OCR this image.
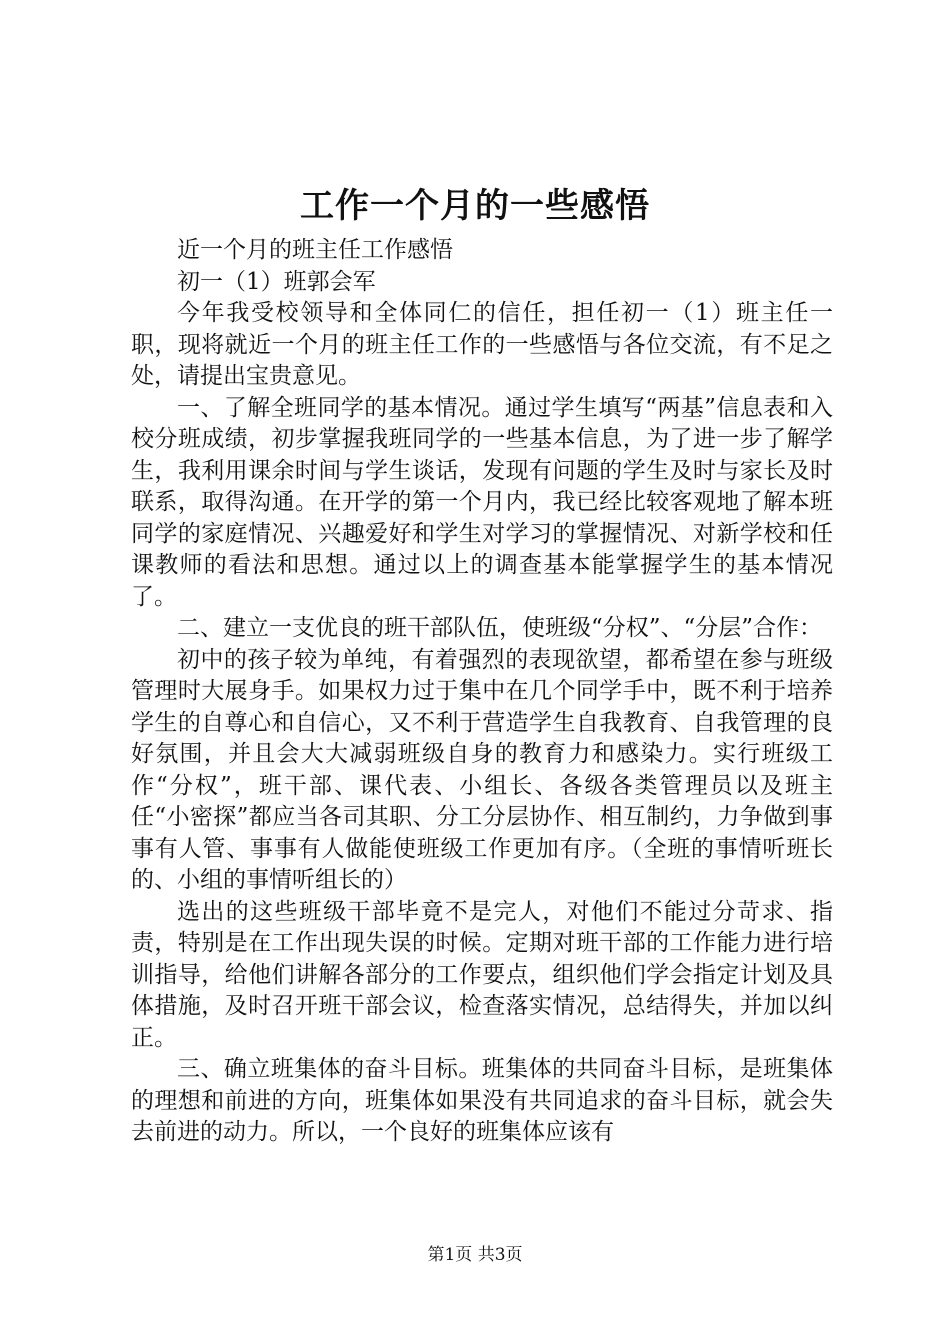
工作一个月的一些感悟

近一个月的班主任工作感悟

初一（1）班郭会军

今年我受校领导和全体同仁的信任，担任初一（1）班主任一职，现将就近一个月的班主任工作的一些感悟与各位交流，有不足之处，请提出宝贵意见。

一、了解全班同学的基本情况。通过学生填写“两基”信息表和入校分班成绩，初步掌握我班同学的一些基本信息，为了进一步了解学生，我利用课余时间与学生谈话，发现有问题的学生及时与家长及时联系，取得沟通。在开学的第一个月内，我已经比较客观地了解本班同学的家庭情况、兴趣爱好和学生对学习的掌握情况、对新学校和任课教师的看法和思想。通过以上的调查基本能掌握学生的基本情况了。

二、建立一支优良的班干部队伍，使班级“分权”、“分层”合作：

初中的孩子较为单纯，有着强烈的表现欲望，都希望在参与班级管理时大展身手。如果权力过于集中在几个同学手中，既不利于培养学生的自尊心和自信心，又不利于营造学生自我教育、自我管理的良好氛围，并且会大大减弱班级自身的教育力和感染力。实行班级工作“分权”，班干部、课代表、小组长、各级各类管理员以及班主任“小密探”都应当各司其职、分工分层协作、相互制约，力争做到事事有人管、事事有人做能使班级工作更加有序。（全班的事情听班长的、小组的事情听组长的）

选出的这些班级干部毕竟不是完人，对他们不能过分苛求、指责，特别是在工作出现失误的时候。定期对班干部的工作能力进行培训指导，给他们讲解各部分的工作要点，组织他们学会指定计划及具体措施，及时召开班干部会议，检查落实情况，总结得失，并加以纠正。

三、确立班集体的奋斗目标。班集体的共同奋斗目标，是班集体的理想和前进的方向，班集体如果没有共同追求的奋斗目标，就会失去前进的动力。所以，一个良好的班集体应该有

第1页 共3页
